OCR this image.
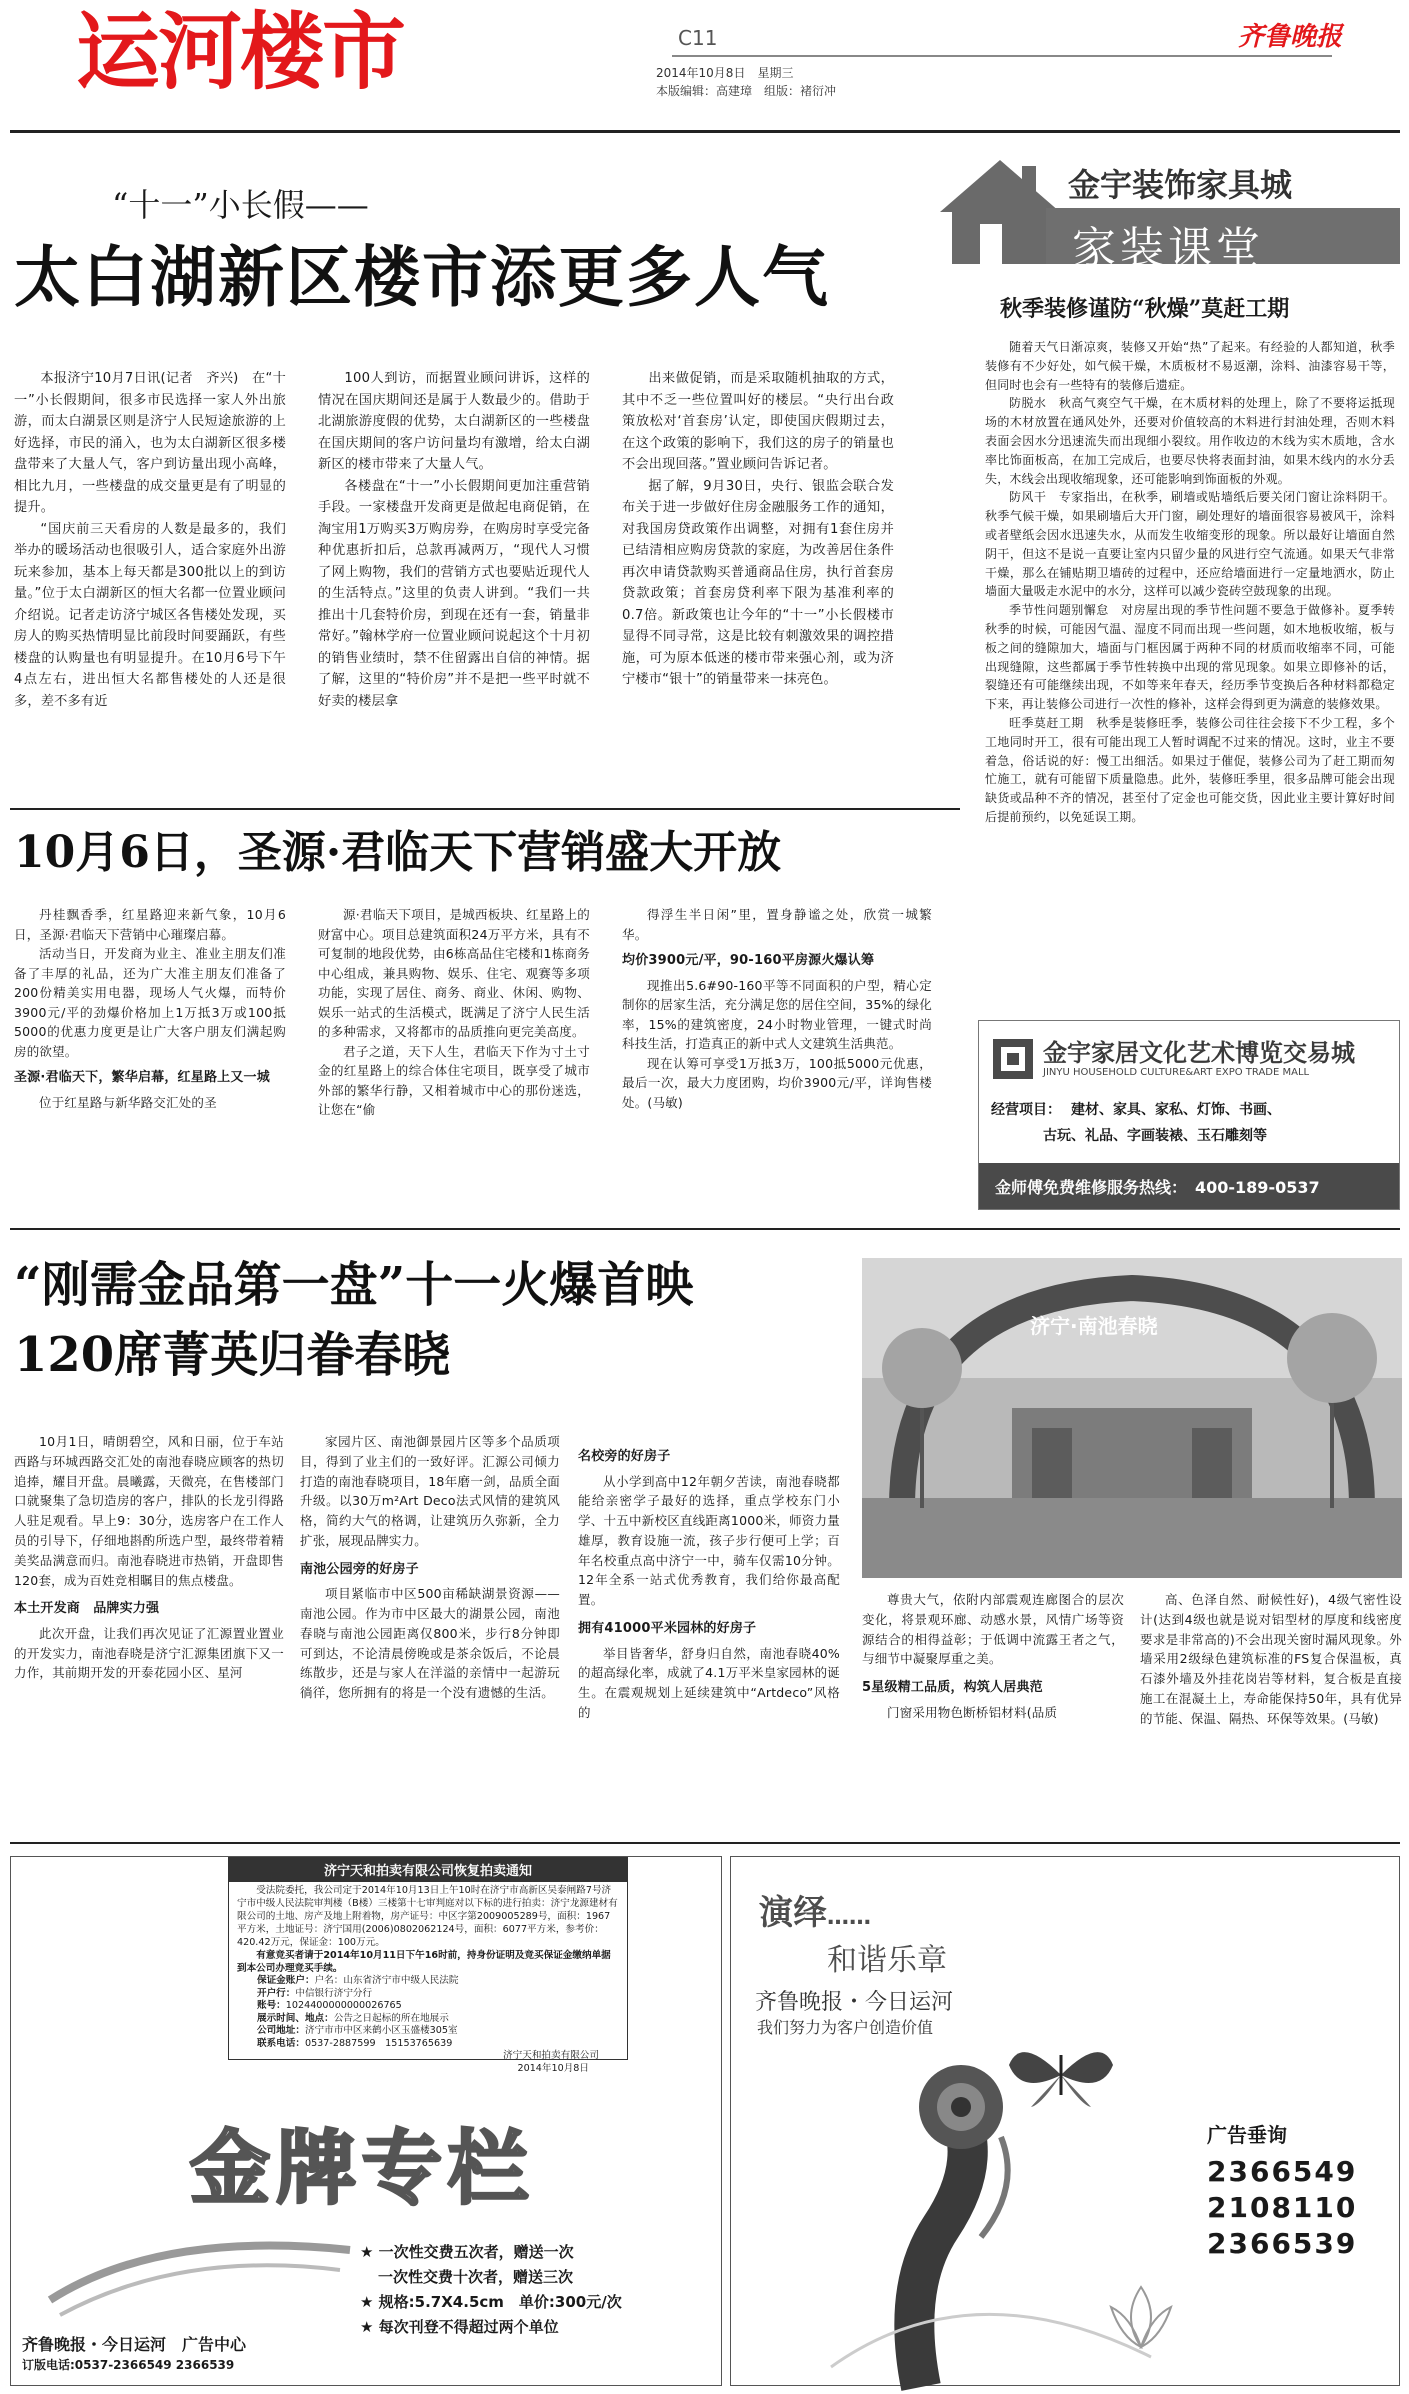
运河楼市	C11
2014年10月8日　星期三
本版编辑：高建璋　组版：褚衍冲
齐鲁晚报
“十一”小长假——
太白湖新区楼市添更多人气

本报济宁10月7日讯(记者　齐兴)　在“十一”小长假期间，很多市民选择一家人外出旅游，而太白湖景区则是济宁人民短途旅游的上好选择，市民的涌入，也为太白湖新区很多楼盘带来了大量人气，客户到访量出现小高峰，相比九月，一些楼盘的成交量更是有了明显的提升。

“国庆前三天看房的人数是最多的，我们举办的暖场活动也很吸引人，适合家庭外出游玩来参加，基本上每天都是300批以上的到访量。”位于太白湖新区的恒大名都一位置业顾问介绍说。记者走访济宁城区各售楼处发现，买房人的购买热情明显比前段时间要踊跃，有些楼盘的认购量也有明显提升。在10月6号下午4点左右，进出恒大名都售楼处的人还是很多，差不多有近

100人到访，而据置业顾问讲诉，这样的情况在国庆期间还是属于人数最少的。借助于北湖旅游度假的优势，太白湖新区的一些楼盘在国庆期间的客户访问量均有激增，给太白湖新区的楼市带来了大量人气。

各楼盘在“十一”小长假期间更加注重营销手段。一家楼盘开发商更是做起电商促销，在淘宝用1万购买3万购房券，在购房时享受完备种优惠折扣后，总款再减两万，“现代人习惯了网上购物，我们的营销方式也要贴近现代人的生活特点。”这里的负责人讲到。“我们一共推出十几套特价房，到现在还有一套，销量非常好。”翰林学府一位置业顾问说起这个十月初的销售业绩时，禁不住留露出自信的神情。据了解，这里的“特价房”并不是把一些平时就不好卖的楼层拿

出来做促销，而是采取随机抽取的方式，其中不乏一些位置叫好的楼层。“央行出台政策放松对‘首套房’认定，即使国庆假期过去，在这个政策的影响下，我们这的房子的销量也不会出现回落。”置业顾问告诉记者。

据了解，9月30日，央行、银监会联合发布关于进一步做好住房金融服务工作的通知，对我国房贷政策作出调整，对拥有1套住房并已结清相应购房贷款的家庭，为改善居住条件再次申请贷款购买普通商品住房，执行首套房贷款政策；首套房贷利率下限为基准利率的0.7倍。新政策也让今年的“十一”小长假楼市显得不同寻常，这是比较有刺激效果的调控措施，可为原本低迷的楼市带来强心剂，或为济宁楼市“银十”的销量带来一抹亮色。

金宇装饰家具城
家装课堂
秋季装修谨防“秋燥”莫赶工期

随着天气日渐凉爽，装修又开始“热”了起来。有经验的人都知道，秋季装修有不少好处，如气候干燥，木质板材不易返潮，涂料、油漆容易干等，但同时也会有一些特有的装修后遗症。

防脱水　秋高气爽空气干燥，在木质材料的处理上，除了不要将运抵现场的木材放置在通风处外，还要对价值较高的木料进行封油处理，否则木料表面会因水分迅速流失而出现细小裂纹。用作收边的木线为实木质地，含水率比饰面板高，在加工完成后，也要尽快将表面封油，如果木线内的水分丢失，木线会出现收缩现象，还可能影响到饰面板的外观。

防风干　专家指出，在秋季，刷墙或贴墙纸后要关闭门窗让涂料阴干。秋季气候干燥，如果刷墙后大开门窗，刷处理好的墙面很容易被风干，涂料或者壁纸会因水迅速失水，从而发生收缩变形的现象。所以最好让墙面自然阴干，但这不是说一直要让室内只留少量的风进行空气流通。如果天气非常干燥，那么在铺贴期卫墙砖的过程中，还应给墙面进行一定量地洒水，防止墙面大量吸走水泥中的水分，这样可以减少瓷砖空鼓现象的出现。

季节性问题别懈怠　对房屋出现的季节性问题不要急于做修补。夏季转秋季的时候，可能因气温、湿度不同而出现一些问题，如木地板收缩，板与板之间的缝隙加大，墙面与门框因属于两种不同的材质而收缩率不同，可能出现缝隙，这些都属于季节性转换中出现的常见现象。如果立即修补的话，裂缝还有可能继续出现，不如等来年春天，经历季节变换后各种材料都稳定下来，再让装修公司进行一次性的修补，这样会得到更为满意的装修效果。

旺季莫赶工期　秋季是装修旺季，装修公司往往会接下不少工程，多个工地同时开工，很有可能出现工人暂时调配不过来的情况。这时，业主不要着急，俗话说的好：慢工出细活。如果过于催促，装修公司为了赶工期而匆忙施工，就有可能留下质量隐患。此外，装修旺季里，很多品牌可能会出现缺货或品种不齐的情况，甚至付了定金也可能交货，因此业主要计算好时间后提前预约，以免延误工期。

金宇家居文化艺术博览交易城
JINYU HOUSEHOLD CULTURE&ART EXPO TRADE MALL
经营项目： 建材、家具、家私、灯饰、书画、
古玩、礼品、字画装裱、玉石雕刻等
金师傅免费维修服务热线：　400-189-0537
10月6日，圣源·君临天下营销盛大开放

丹桂飘香季，红星路迎来新气象，10月6日，圣源·君临天下营销中心璀璨启幕。

活动当日，开发商为业主、准业主朋友们准备了丰厚的礼品，还为广大准主朋友们准备了200份精美实用电器，现场人气火爆，而特价3900元/平的劲爆价格加上1万抵3万或100抵5000的优惠力度更是让广大客户朋友们满起购房的欲望。

圣源·君临天下，繁华启幕，红星路上又一城

位于红星路与新华路交汇处的圣

源·君临天下项目，是城西板块、红星路上的财富中心。项目总建筑面积24万平方米，具有不可复制的地段优势，由6栋高品住宅楼和1栋商务中心组成，兼具购物、娱乐、住宅、观赛等多项功能，实现了居住、商务、商业、休闲、购物、娱乐一站式的生活模式，既满足了济宁人民生活的多种需求，又将都市的品质推向更完美高度。

君子之道，天下人生，君临天下作为寸土寸金的红星路上的综合体住宅项目，既享受了城市外部的繁华行静，又相着城市中心的那份迷选，让您在“偷

得浮生半日闲”里，置身静谧之处，欣赏一城繁华。

均价3900元/平，90-160平房源火爆认筹

现推出5.6#90-160平等不同面积的户型，精心定制你的居家生活，充分满足您的居住空间，35%的绿化率，15%的建筑密度，24小时物业管理，一键式时尚科技生活，打造真正的新中式人文建筑生活典范。

现在认筹可享受1万抵3万，100抵5000元优惠，最后一次，最大力度团购，均价3900元/平，详询售楼处。(马敏)

“刚需金品第一盘”十一火爆首映
120席菁英归眷春晓
济宁·南池春晓

10月1日，晴朗碧空，风和日丽，位于车站西路与环城西路交汇处的南池春晓应顾客的热切追捧，耀目开盘。晨曦露，天微亮，在售楼部门口就聚集了急切造房的客户，排队的长龙引得路人驻足观看。早上9：30分，选房客户在工作人员的引导下，仔细地斟酌所选户型，最终带着精美奖品满意而归。南池春晓进市热销，开盘即售120套，成为百姓竞相瞩目的焦点楼盘。

本土开发商　品牌实力强

此次开盘，让我们再次见证了汇源置业置业的开发实力，南池春晓是济宁汇源集团旗下又一力作，其前期开发的开泰花园小区、星河

家园片区、南池御景园片区等多个品质项目，得到了业主们的一致好评。汇源公司倾力打造的南池春晓项目，18年磨一剑，品质全面升级。以30万m²Art Deco法式风情的建筑风格，简约大气的格调，让建筑历久弥新，全力扩张，展现品牌实力。

南池公园旁的好房子

项目紧临市中区500亩稀缺湖景资源——南池公园。作为市中区最大的湖景公园，南池春晓与南池公园距离仅800米，步行8分钟即可到达，不论清晨傍晚或是茶余饭后，不论晨练散步，还是与家人在洋溢的亲情中一起游玩徜徉，您所拥有的将是一个没有遗憾的生活。

名校旁的好房子

从小学到高中12年朝夕苦读，南池春晓都能给亲密学子最好的选择，重点学校东门小学、十五中新校区直线距离1000米，师资力量雄厚，教育设施一流，孩子步行便可上学；百年名校重点高中济宁一中，骑车仅需10分钟。12年全系一站式优秀教育，我们给你最高配置。

拥有41000平米园林的好房子

举目皆奢华，舒身归自然，南池春晓40%的超高绿化率，成就了4.1万平米皇家园林的诞生。在震观规划上延续建筑中“Artdeco”风格的

尊贵大气，依附内部震观连廊图合的层次变化，将景观环廊、动感水景，风情广场等资源结合的相得益彰；于低调中流露王者之气，与细节中凝聚厚重之美。

5星级精工品质，构筑人居典范

门窗采用物色断桥铝材料(品质

高、色泽自然、耐候性好)，4级气密性设计(达到4级也就是说对铝型材的厚度和线密度要求是非常高的)不会出现关窗时漏风现象。外墙采用2级绿色建筑标准的FS复合保温板，真石漆外墙及外挂花岗岩等材料，复合板是直接施工在混凝土上，寿命能保持50年，具有优异的节能、保温、隔热、环保等效果。(马敏)

济宁天和拍卖有限公司恢复拍卖通知

受法院委托，我公司定于2014年10月13日上午10时在济宁市高新区吴泰闸路7号济宁市中级人民法院审判楼（B楼）三楼第十七审判庭对以下标的进行拍卖：济宁龙源建材有限公司的土地、房产及地上附着物，房产证号：中区字第2009005289号，面积：1967平方米，土地证号：济宁国用(2006)0802062124号，面积：6077平方米，参考价：420.42万元，保证金：100万元。

有意竞买者请于2014年10月11日下午16时前，持身份证明及竞买保证金缴纳单据到本公司办理竞买手续。

保证金账户：户名：山东省济宁市中级人民法院
开户行：中信银行济宁分行
账号：1024400000000026765
展示时间、地点：公告之日起标的所在地展示
公司地址：济宁市市中区来鹤小区玉盛楼305室
联系电话：0537-2887599　15153765639
济宁天和拍卖有限公司
2014年10月8日
金牌专栏
★ 一次性交费五次者，赠送一次
一次性交费十次者，赠送三次
★ 规格:5.7X4.5cm　单价:300元/次
★ 每次刊登不得超过两个单位
齐鲁晚报・今日运河　广告中心
订版电话:0537-2366549 2366539
演绎……
和谐乐章
齐鲁晚报・今日运河
我们努力为客户创造价值
广告垂询
2366549
2108110
2366539
